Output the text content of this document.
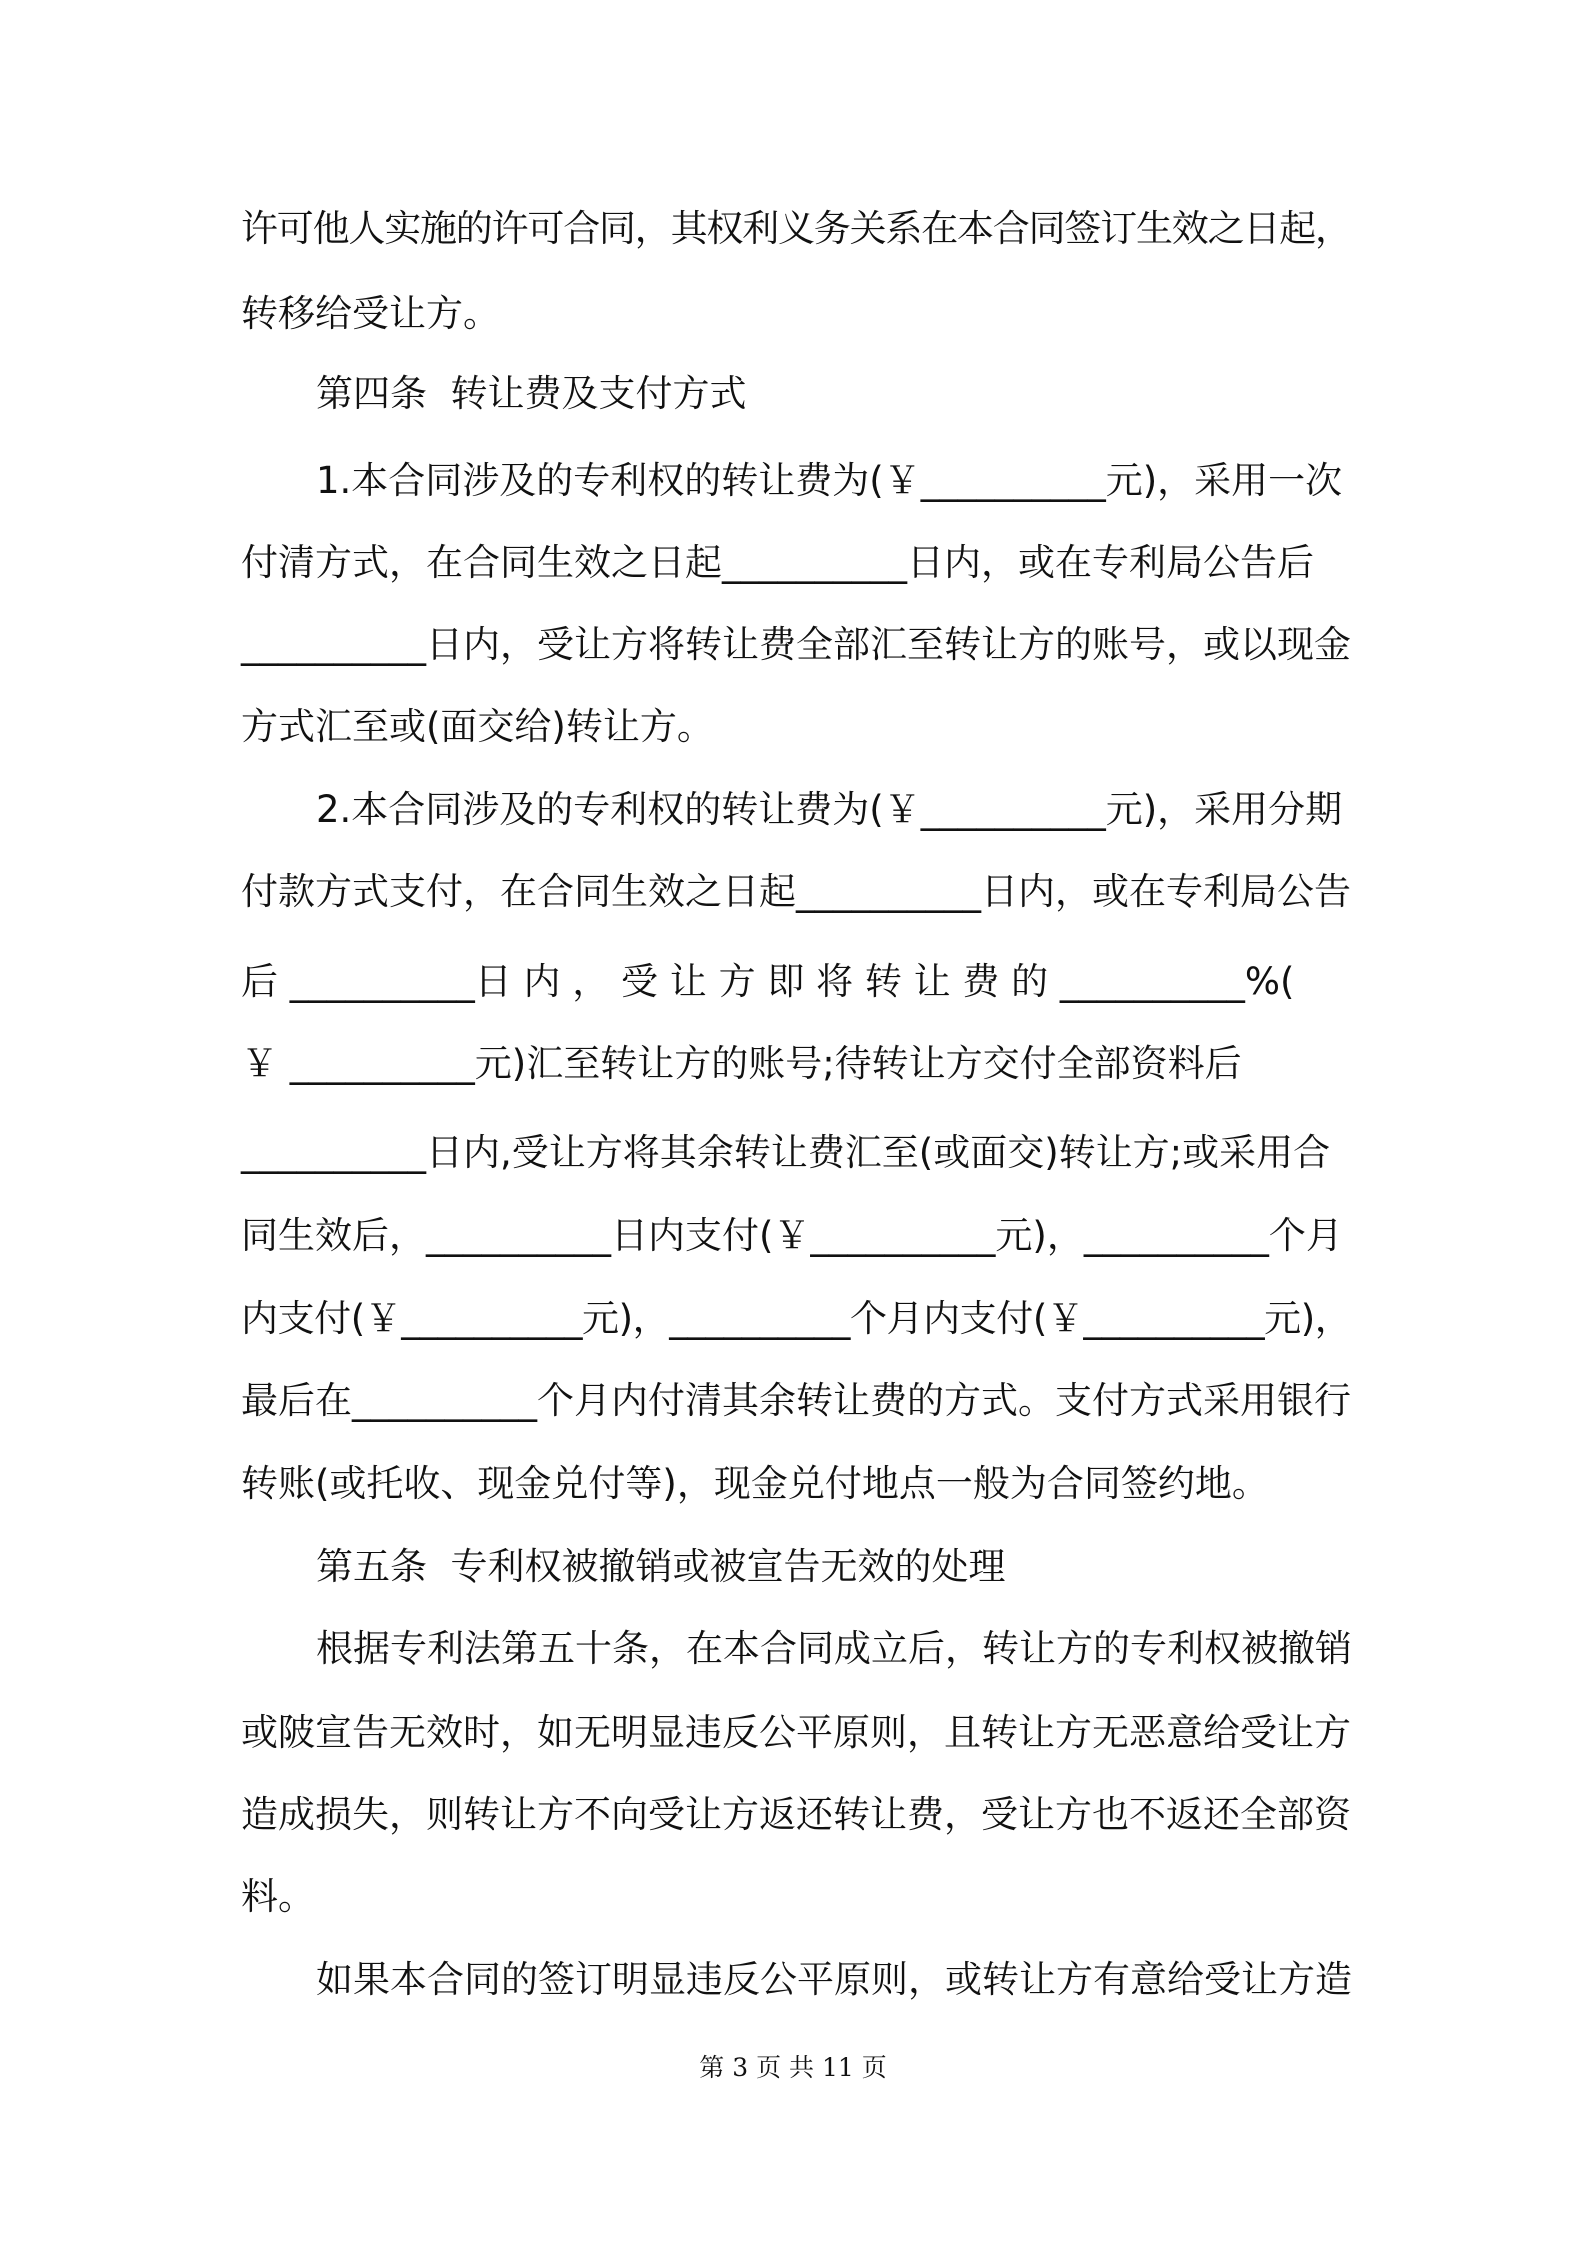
许可他人实施的许可合同，其权利义务关系在本合同签订生效之日起，
转移给受让方。
第四条  转让费及支付方式
1.本合同涉及的专利权的转让费为(￥__________元)，采用一次
付清方式，在合同生效之日起__________日内，或在专利局公告后
__________日内，受让方将转让费全部汇至转让方的账号，或以现金
方式汇至或(面交给)转让方。
2.本合同涉及的专利权的转让费为(￥__________元)，采用分期
付款方式支付，在合同生效之日起__________日内，或在专利局公告
后 __________日 内 ， 受 让 方 即 将 转 让 费 的 __________%(
￥ __________元)汇至转让方的账号;待转让方交付全部资料后
__________日内,受让方将其余转让费汇至(或面交)转让方;或采用合
同生效后，__________日内支付(￥__________元)，__________个月
内支付(￥__________元)，__________个月内支付(￥__________元)，
最后在__________个月内付清其余转让费的方式。支付方式采用银行
转账(或托收、现金兑付等)，现金兑付地点一般为合同签约地。
第五条  专利权被撤销或被宣告无效的处理
根据专利法第五十条，在本合同成立后，转让方的专利权被撤销
或陂宣告无效时，如无明显违反公平原则，且转让方无恶意给受让方
造成损失，则转让方不向受让方返还转让费，受让方也不返还全部资
料。
如果本合同的签订明显违反公平原则，或转让方有意给受让方造
第 3 页 共 11 页
